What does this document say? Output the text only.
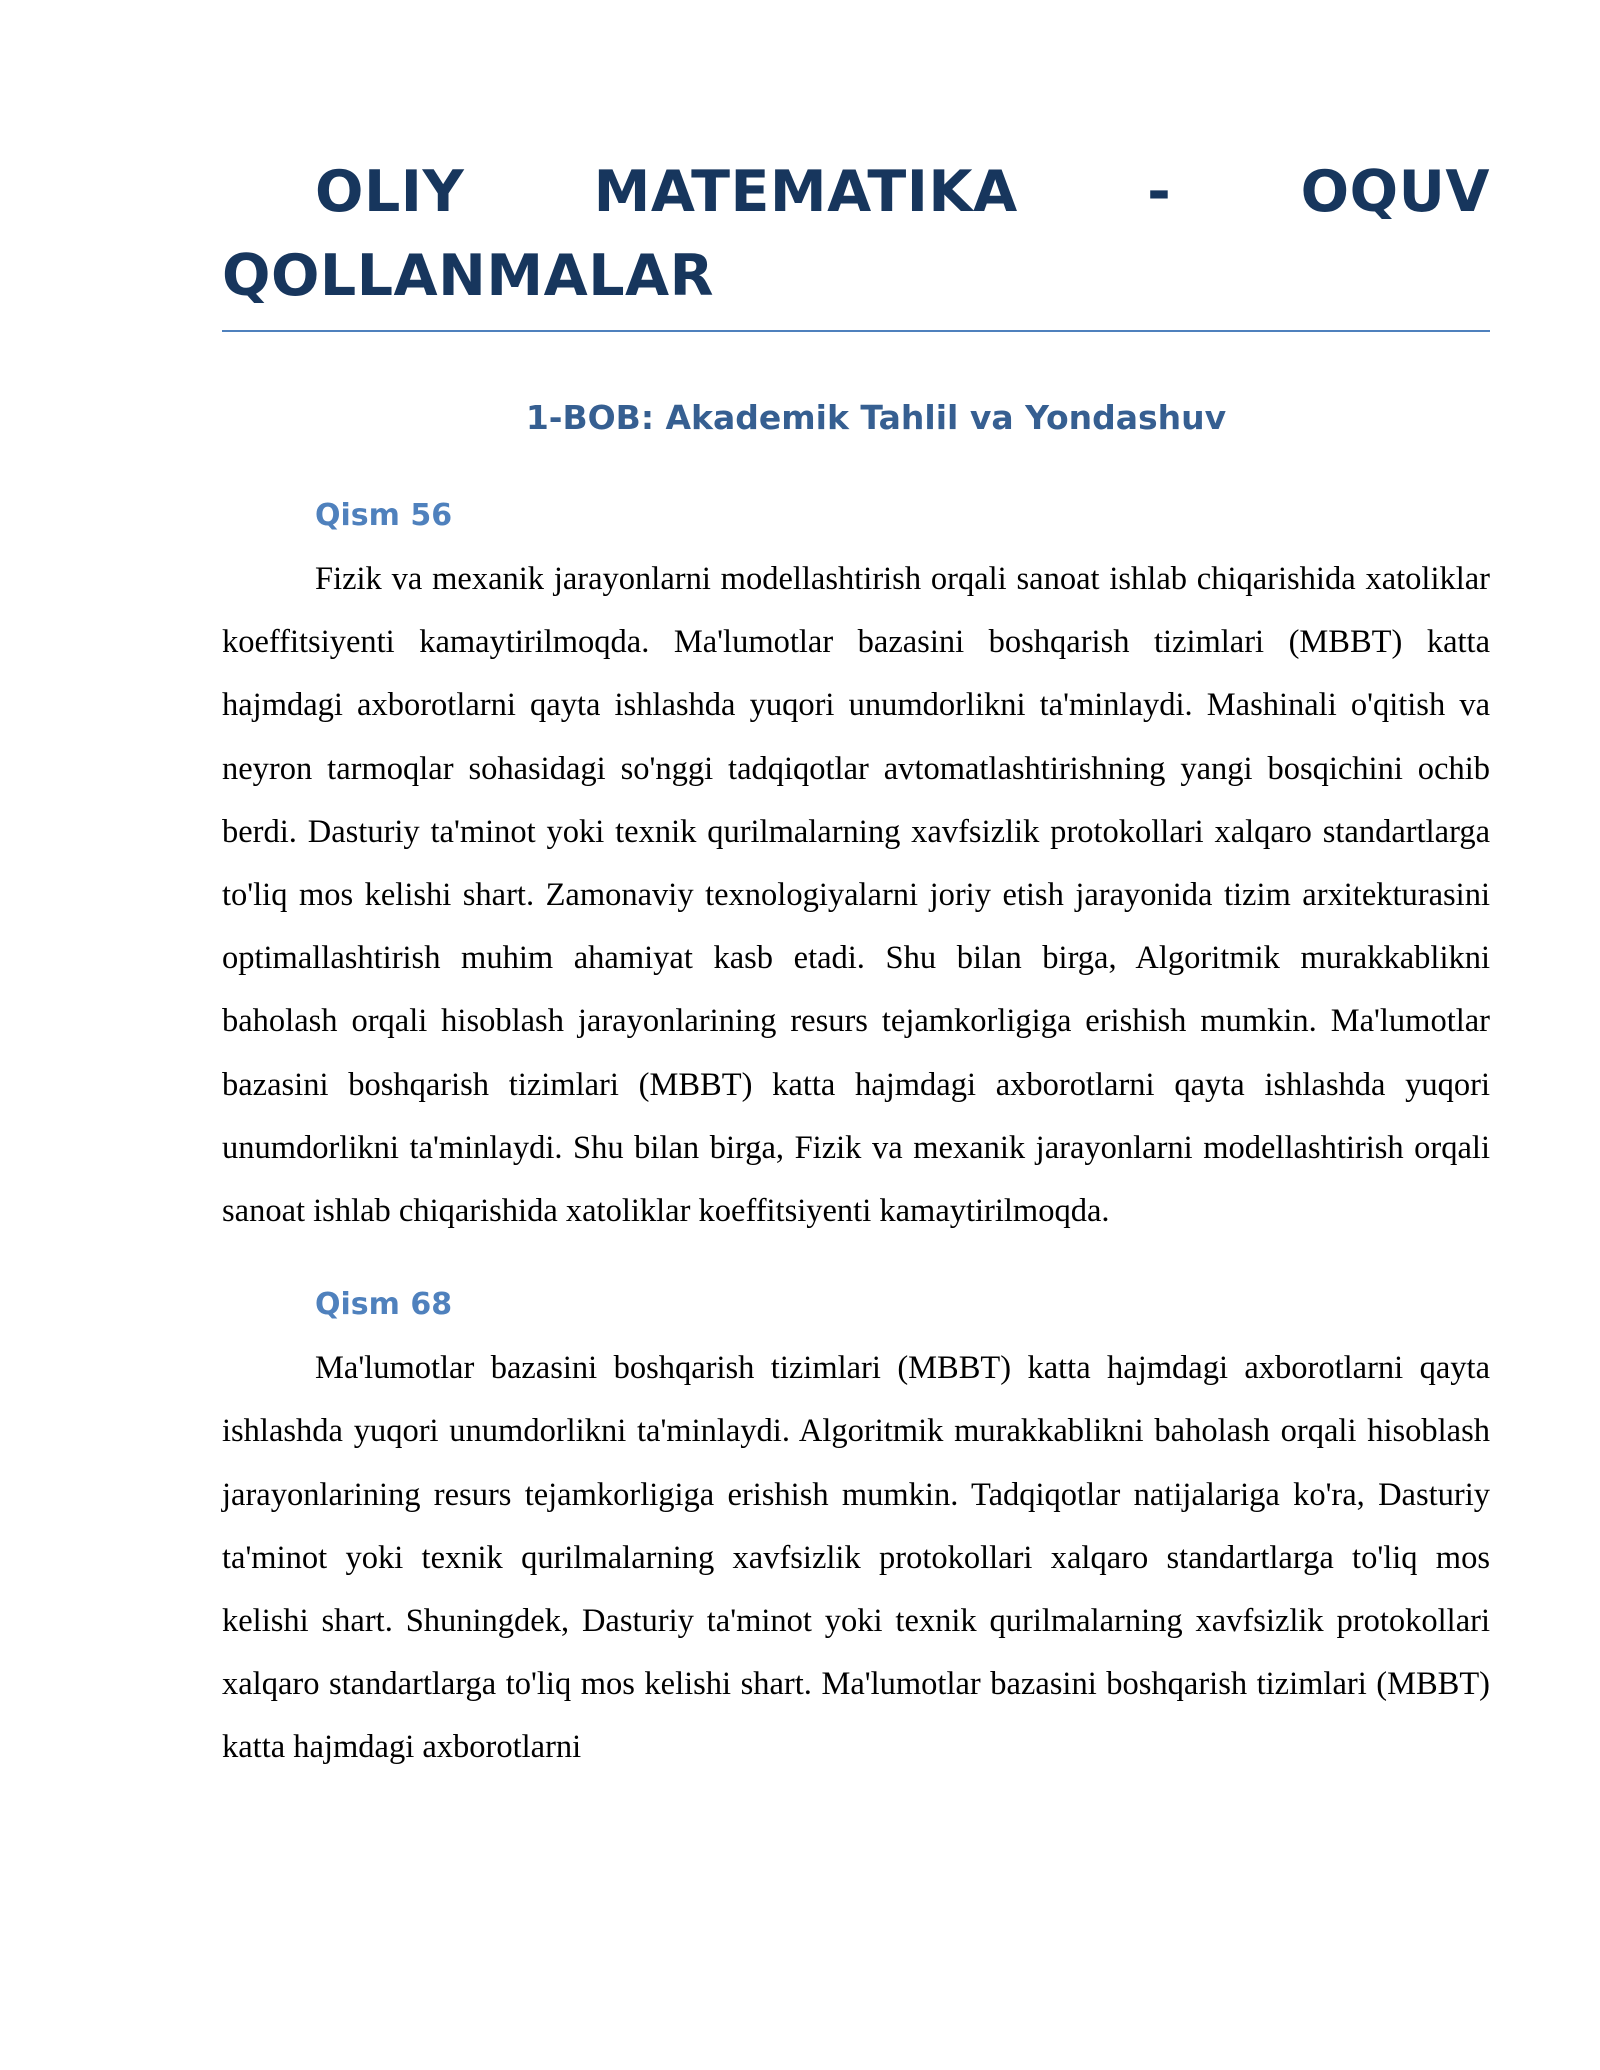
OLIY MATEMATIKA - OQUV QOLLANMALAR
1-BOB: Akademik Tahlil va Yondashuv
Qism 56

Fizik va mexanik jarayonlarni modellashtirish orqali sanoat ishlab chiqarishida xatoliklar koeffitsiyenti kamaytirilmoqda. Ma'lumotlar bazasini boshqarish tizimlari (MBBT) katta hajmdagi axborotlarni qayta ishlashda yuqori unumdorlikni ta'minlaydi. Mashinali o'qitish va neyron tarmoqlar sohasidagi so'nggi tadqiqotlar avtomatlashtirishning yangi bosqichini ochib berdi. Dasturiy ta'minot yoki texnik qurilmalarning xavfsizlik protokollari xalqaro standartlarga to'liq mos kelishi shart. Zamonaviy texnologiyalarni joriy etish jarayonida tizim arxitekturasini optimallashtirish muhim ahamiyat kasb etadi. Shu bilan birga, Algoritmik murakkablikni baholash orqali hisoblash jarayonlarining resurs tejamkorligiga erishish mumkin. Ma'lumotlar bazasini boshqarish tizimlari (MBBT) katta hajmdagi axborotlarni qayta ishlashda yuqori unumdorlikni ta'minlaydi. Shu bilan birga, Fizik va mexanik jarayonlarni modellashtirish orqali sanoat ishlab chiqarishida xatoliklar koeffitsiyenti kamaytirilmoqda.

Qism 68

Ma'lumotlar bazasini boshqarish tizimlari (MBBT) katta hajmdagi axborotlarni qayta ishlashda yuqori unumdorlikni ta'minlaydi. Algoritmik murakkablikni baholash orqali hisoblash jarayonlarining resurs tejamkorligiga erishish mumkin. Tadqiqotlar natijalariga ko'ra, Dasturiy ta'minot yoki texnik qurilmalarning xavfsizlik protokollari xalqaro standartlarga to'liq mos kelishi shart. Shuningdek, Dasturiy ta'minot yoki texnik qurilmalarning xavfsizlik protokollari xalqaro standartlarga to'liq mos kelishi shart. Ma'lumotlar bazasini boshqarish tizimlari (MBBT) katta hajmdagi axborotlarni
